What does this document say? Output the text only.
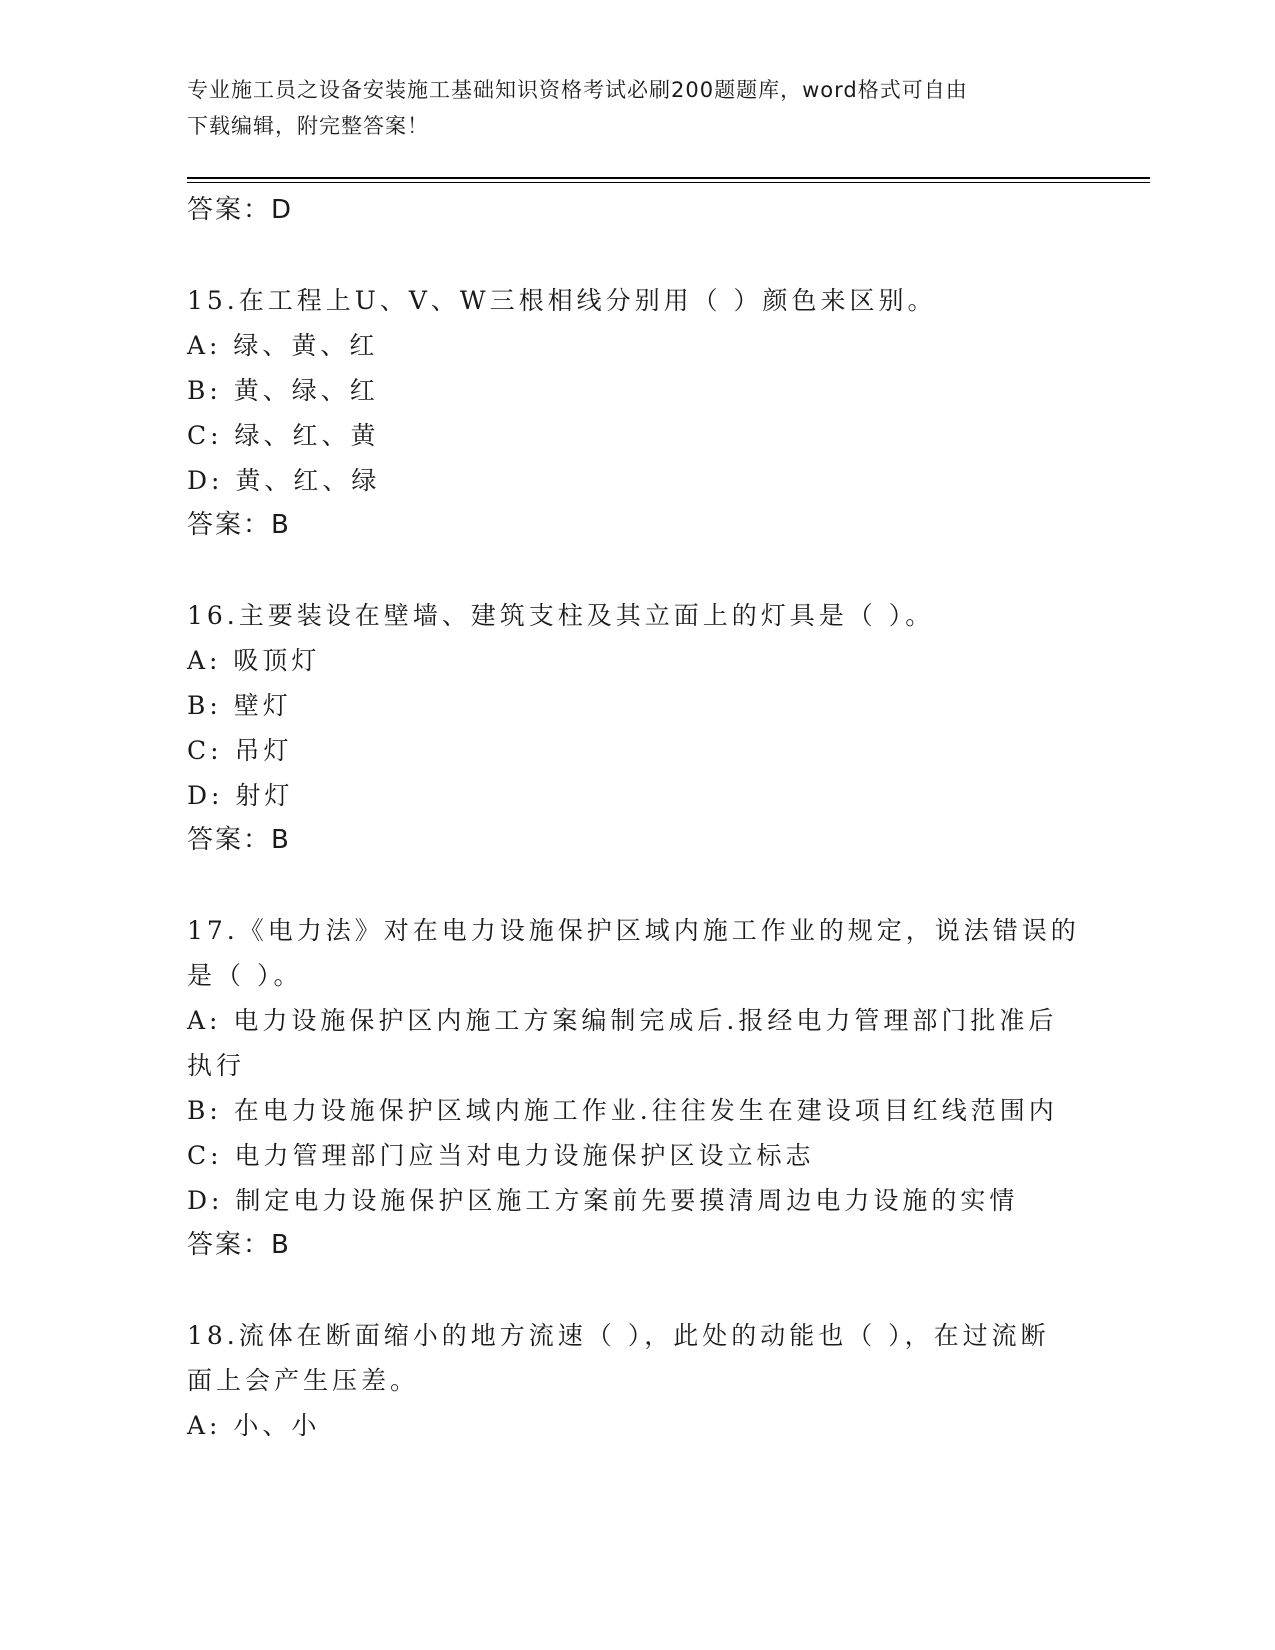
专业施工员之设备安装施工基础知识资格考试必刷200题题库，word格式可自由
下载编辑，附完整答案！
答案：D
15.在工程上U、V、W三根相线分别用（ ）颜色来区别。
A: 绿、黄、红
B: 黄、绿、红
C: 绿、红、黄
D: 黄、红、绿
答案：B
16.主要装设在壁墙、建筑支柱及其立面上的灯具是（ ）。
A: 吸顶灯
B: 壁灯
C: 吊灯
D: 射灯
答案：B
17.《电力法》对在电力设施保护区域内施工作业的规定，说法错误的
是（ ）。
A: 电力设施保护区内施工方案编制完成后.报经电力管理部门批准后
执行
B: 在电力设施保护区域内施工作业.往往发生在建设项目红线范围内
C: 电力管理部门应当对电力设施保护区设立标志
D: 制定电力设施保护区施工方案前先要摸清周边电力设施的实情
答案：B
18.流体在断面缩小的地方流速（ ），此处的动能也（ ），在过流断
面上会产生压差。
A: 小、小
